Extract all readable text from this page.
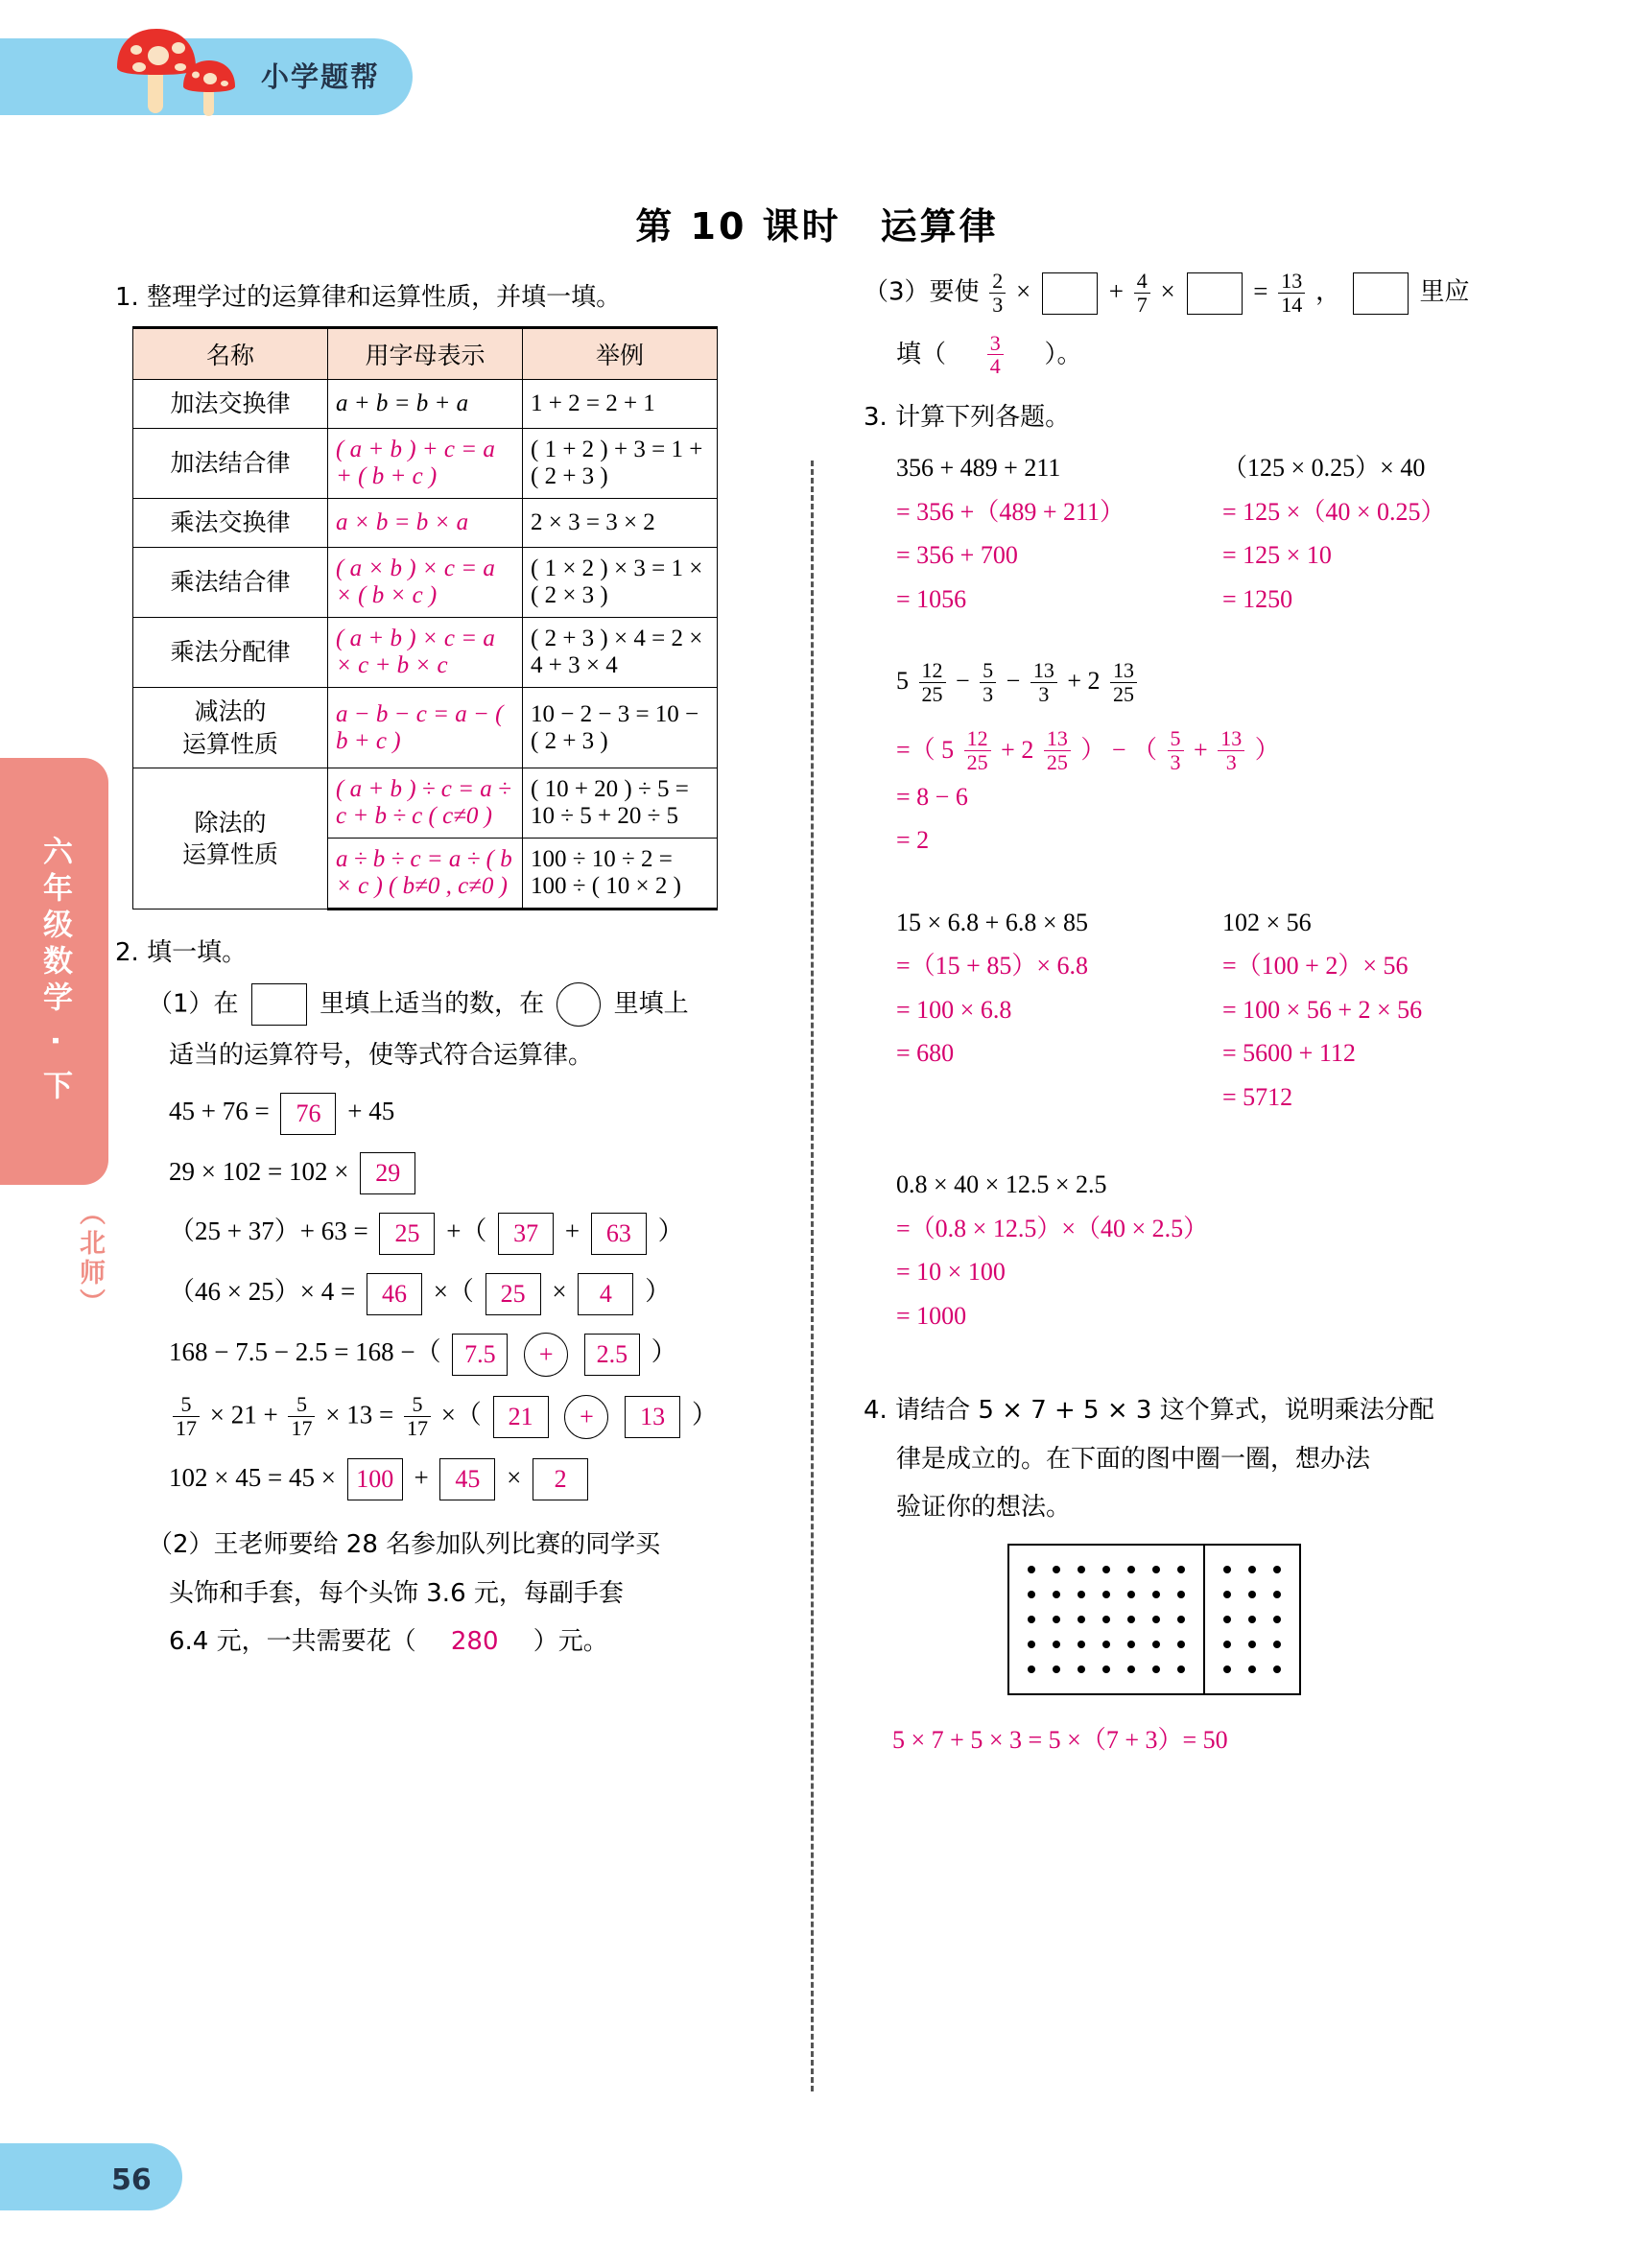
小学题帮
六年级数学 · 下
（北师）
第 10 课时　运算律
1. 整理学过的运算律和运算性质，并填一填。
名称	用字母表示	举例
加法交换律	a + b = b + a	1 + 2 = 2 + 1
加法结合律	( a + b ) + c = a + ( b + c )	( 1 + 2 ) + 3 = 1 + ( 2 + 3 )
乘法交换律	a × b = b × a	2 × 3 = 3 × 2
乘法结合律	( a × b ) × c = a × ( b × c )	( 1 × 2 ) × 3 = 1 × ( 2 × 3 )
乘法分配律	( a + b ) × c = a × c + b × c	( 2 + 3 ) × 4 = 2 × 4 + 3 × 4
减法的
运算性质	a − b − c = a − ( b + c )	10 − 2 − 3 = 10 − ( 2 + 3 )
除法的
运算性质	( a + b ) ÷ c = a ÷ c + b ÷ c ( c≠0 )	( 10 + 20 ) ÷ 5 = 10 ÷ 5 + 20 ÷ 5
	a ÷ b ÷ c = a ÷ ( b × c ) ( b≠0 , c≠0 )	100 ÷ 10 ÷ 2 = 100 ÷ ( 10 × 2 )
2. 填一填。
（1）在	里填上适当的数，在	里填上
适当的运算符号，使等式符合运算律。
45 + 76 = 76 + 45
29 × 102 = 102 × 29
（25 + 37）+ 63 = 25 +（ 37 + 63 ）
（46 × 25）× 4 = 46 ×（ 25 × 4 ）
168 − 7.5 − 2.5 = 168 −（ 7.5 + 2.5 ）
$\frac{5}{17} \times 21 + \frac{5}{17} \times 13 = \frac{5}{17}$ ×（ 21 + 13 ）
102 × 45 = 45 × 100 + 45 × 2
（2）王老师要给 28 名参加队列比赛的同学买
头饰和手套，每个头饰 3.6 元，每副手套
6.4 元，一共需要花（ 280 ）元。
（3）要使 $\frac{2}{3}$ ×	+ $\frac{4}{7}$ ×	= $\frac{13}{14}$ ，	里应
填（ $\frac{3}{4}$ ）。
3. 计算下列各题。
356 + 489 + 211
= 356 +（489 + 211）
= 356 + 700
= 1056
（125 × 0.25）× 40
= 125 ×（40 × 0.25）
= 125 × 10
= 1250
$5 \frac{12}{25} - \frac{5}{3} - \frac{13}{3} + 2 \frac{13}{25}$
=（ $5 \frac{12}{25} + 2 \frac{13}{25}$ ） − （ $\frac{5}{3} + \frac{13}{3}$ ）
= 8 − 6
= 2
15 × 6.8 + 6.8 × 85
=（15 + 85）× 6.8
= 100 × 6.8
= 680
102 × 56
=（100 + 2）× 56
= 100 × 56 + 2 × 56
= 5600 + 112
= 5712
0.8 × 40 × 12.5 × 2.5
=（0.8 × 12.5）×（40 × 2.5）
= 10 × 100
= 1000
4. 请结合 5 × 7 + 5 × 3 这个算式，说明乘法分配
律是成立的。在下面的图中圈一圈，想办法
验证你的想法。
5 × 7 + 5 × 3 = 5 ×（7 + 3）= 50
56
